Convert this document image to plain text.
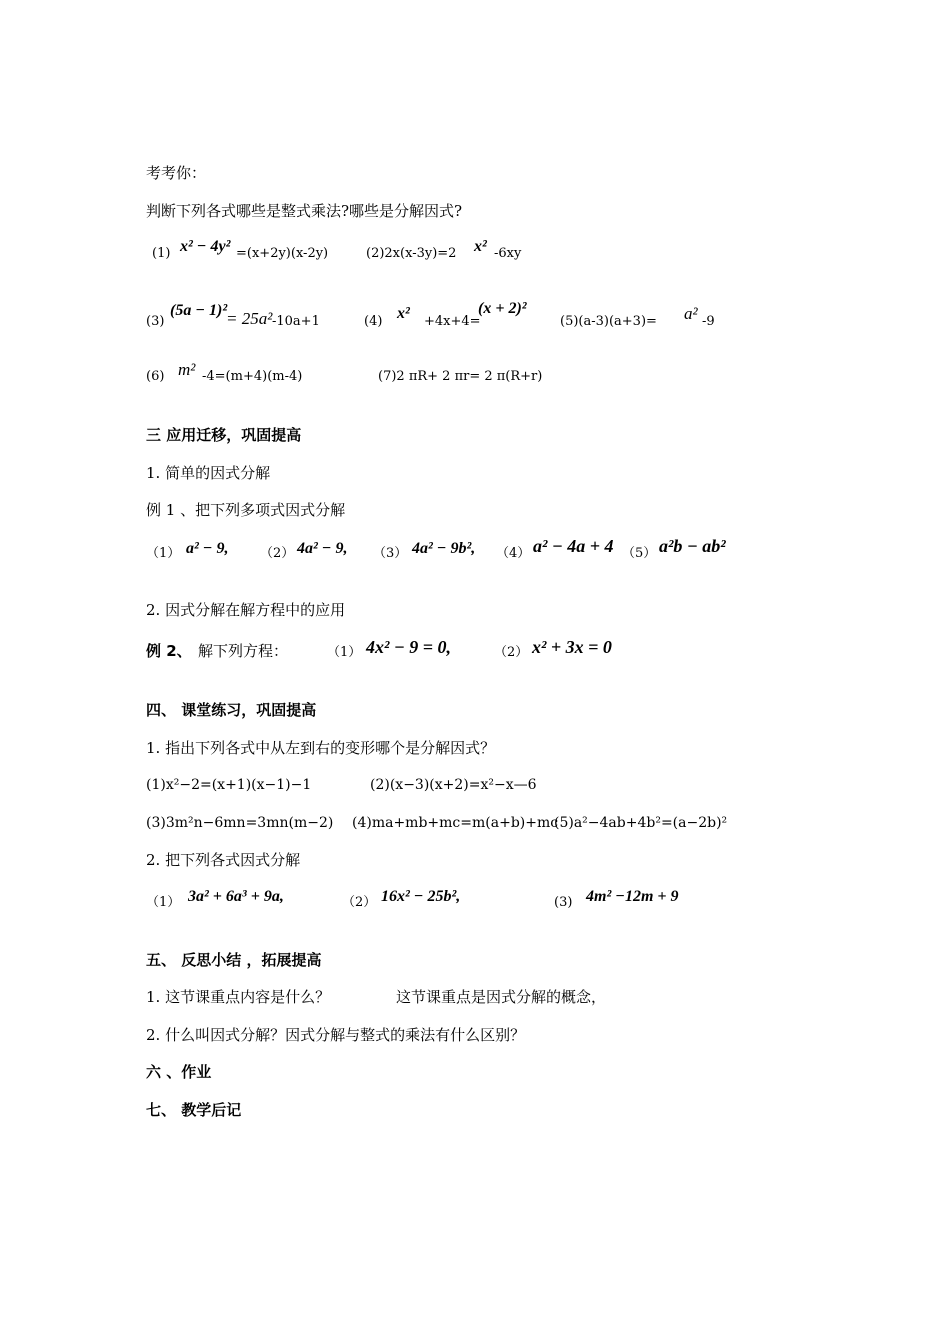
考考你：
判断下列各式哪些是整式乘法?哪些是分解因式?
(1) x² − 4y² =(x+2y)(x-2y)	(2)2x(x-3y)=2 x² -6xy
(3)
(5a − 1)²
= 25a² -10a+1	(4) x² +4x+4=
(x + 2)²
(5)(a-3)(a+3)= a² -9
(6) m² -4=(m+4)(m-4)	(7)2 πR+ 2 πr= 2 π(R+r)
三 应用迁移，巩固提高
1. 简单的因式分解
例 1 、把下列多项式因式分解
（1） a² − 9, （2） 4a² − 9, （3） 4a² − 9b², （4） a² − 4a + 4 （5） a²b − ab²
2. 因式分解在解方程中的应用
例 2、 解下列方程：	（1） 4x² − 9 = 0,	（2） x² + 3x = 0
四、 课堂练习，巩固提高
1. 指出下列各式中从左到右的变形哪个是分解因式？
(1)x²−2=(x+1)(x−1)−1	(2)(x−3)(x+2)=x²−x—6
(3)3m²n−6mn=3mn(m−2) (4)ma+mb+mc=m(a+b)+mc
(5)a²−4ab+4b²=(a−2b)²
2. 把下列各式因式分解
（1） 3a² + 6a³ + 9a,	（2） 16x² − 25b²,	(3) 4m² −12m + 9
五、 反思小结 ，拓展提高
1. 这节课重点内容是什么？	这节课重点是因式分解的概念，
2. 什么叫因式分解？因式分解与整式的乘法有什么区别？
六 、作业
七、 教学后记
